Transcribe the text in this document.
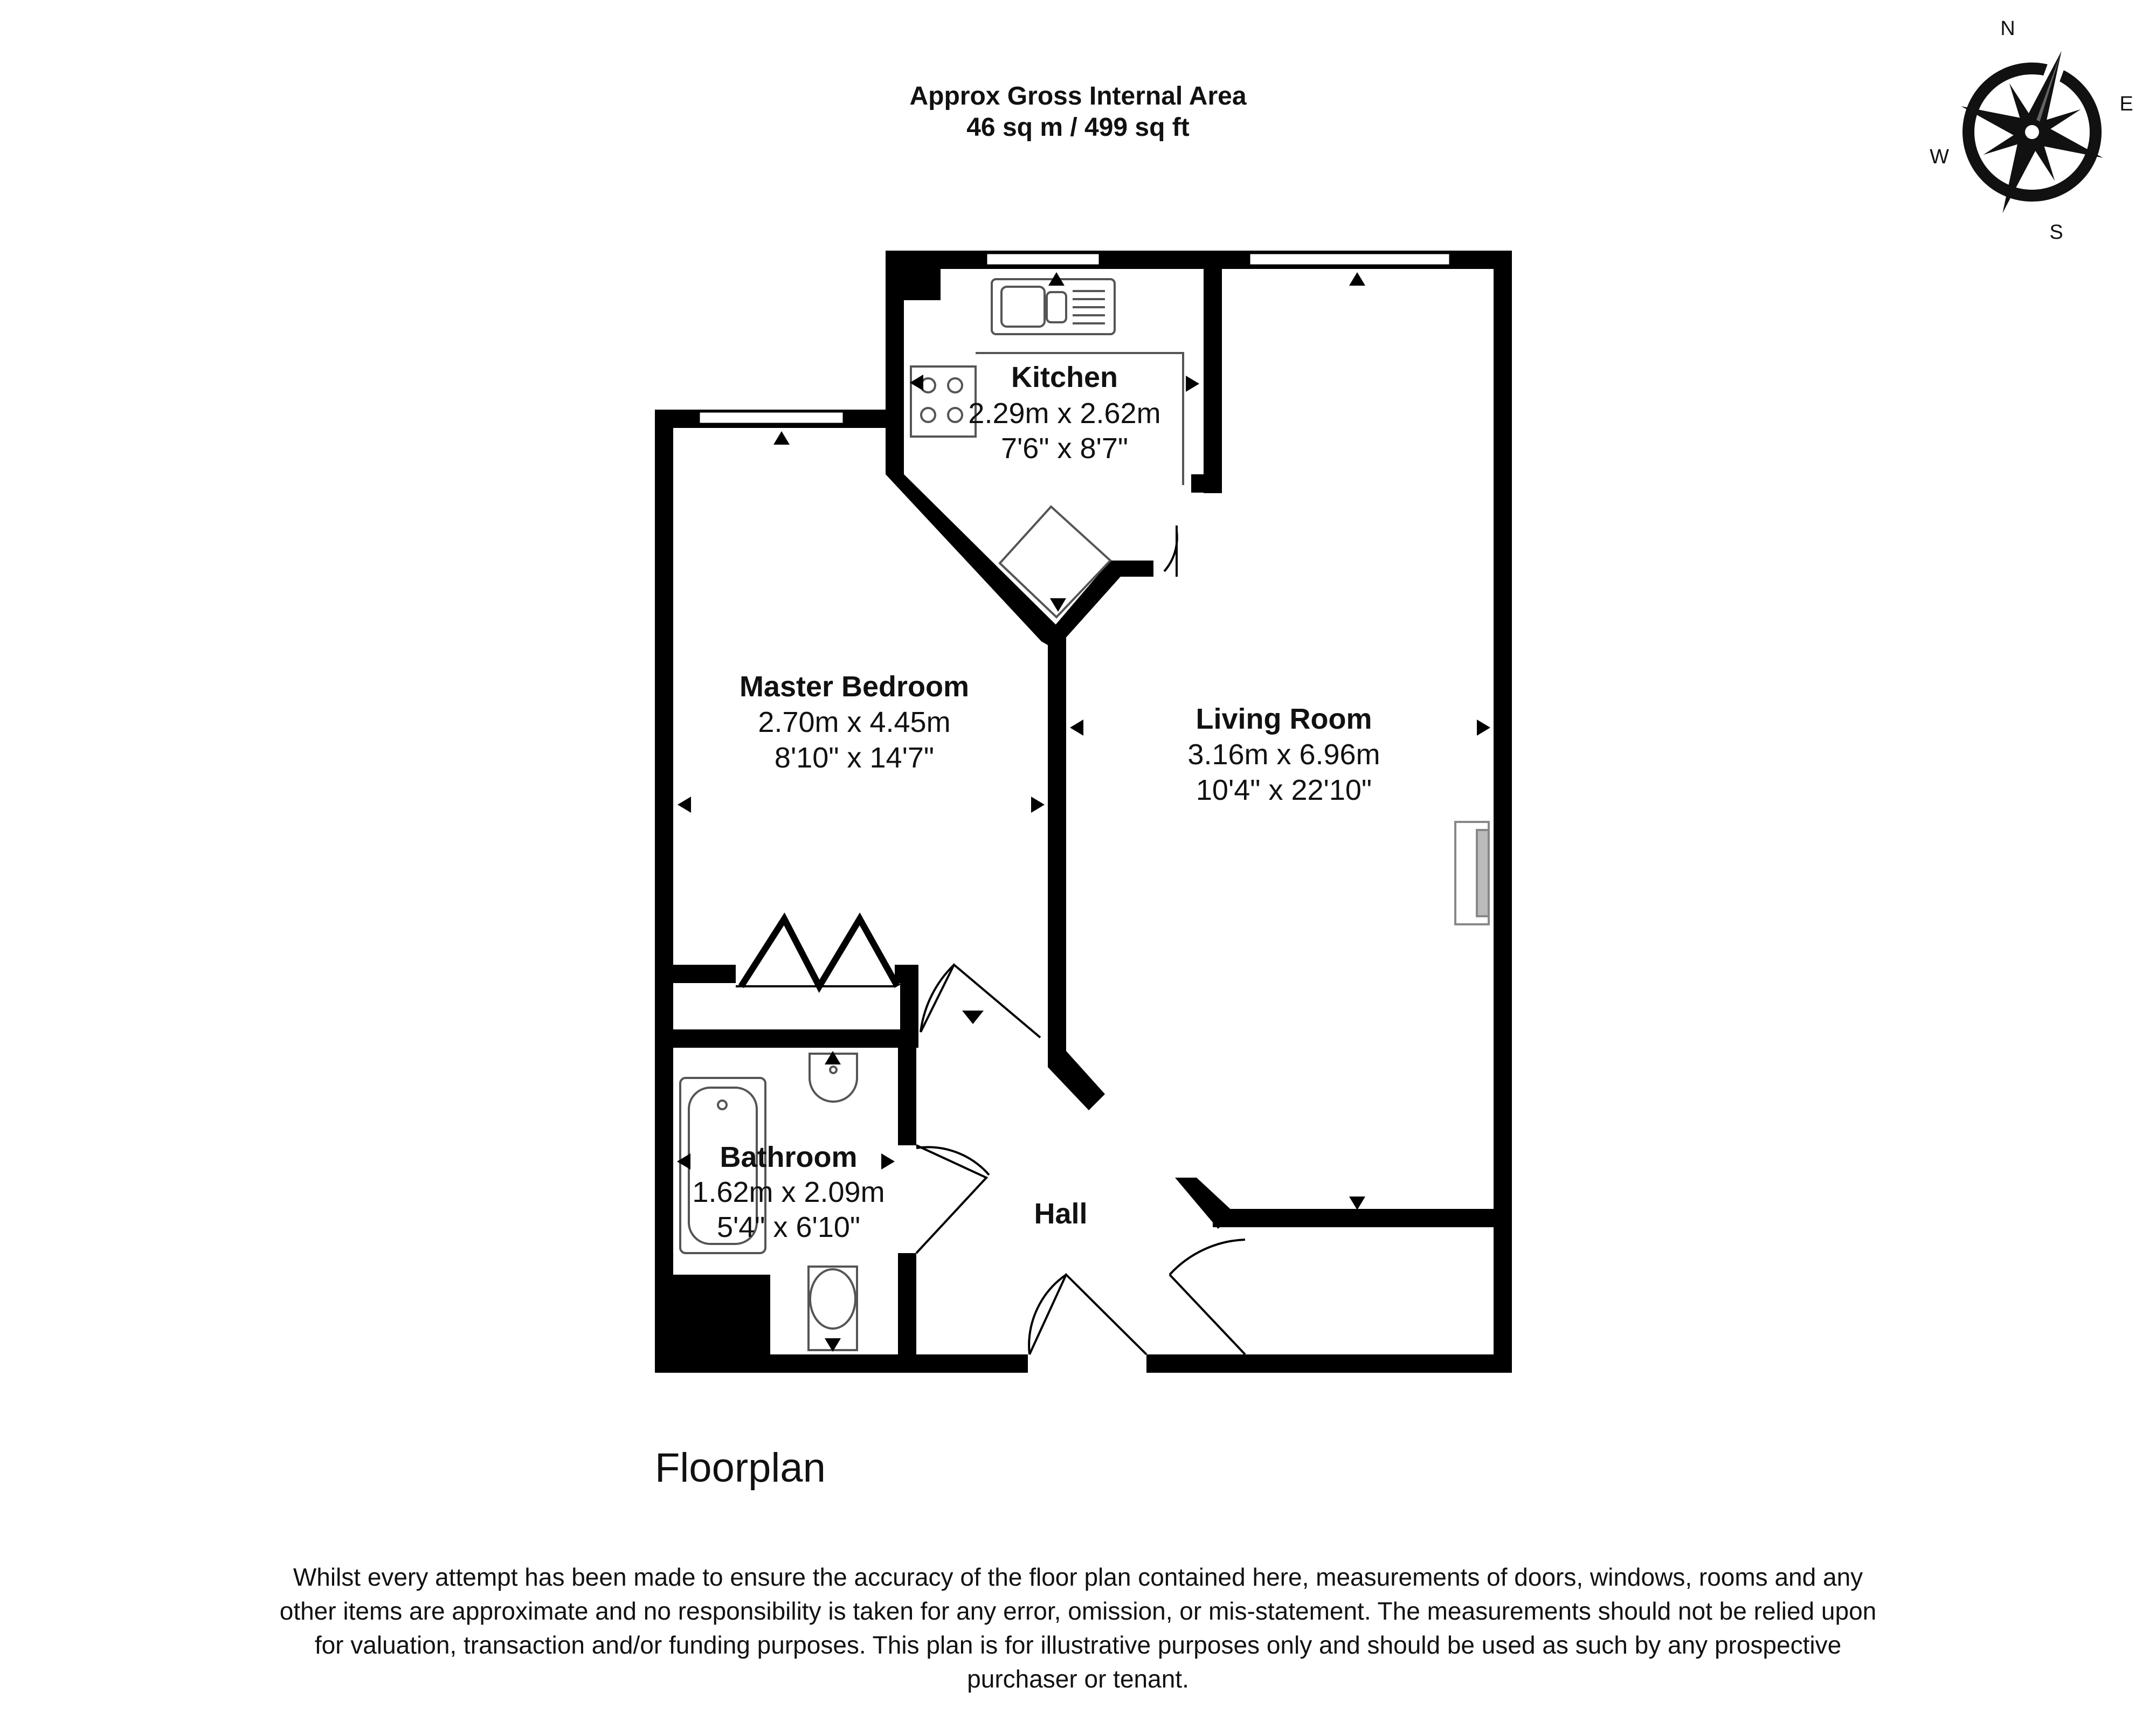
Approx Gross Internal Area
46 sq m / 499 sq ft
N
E
S
W
Kitchen
2.29m x 2.62m
7'6" x 8'7"
Master Bedroom
2.70m x 4.45m
8'10" x 14'7"
Living Room
3.16m x 6.96m
10'4" x 22'10"
Bathroom
1.62m x 2.09m
5'4" x 6'10"	Hall
Floorplan
Whilst every attempt has been made to ensure the accuracy of the floor plan contained here, measurements of doors, windows, rooms and any other items are approximate and no responsibility is taken for any error, omission, or mis-statement. The measurements should not be relied upon for valuation, transaction and/or funding purposes. This plan is for illustrative purposes only and should be used as such by any prospective purchaser or tenant.
